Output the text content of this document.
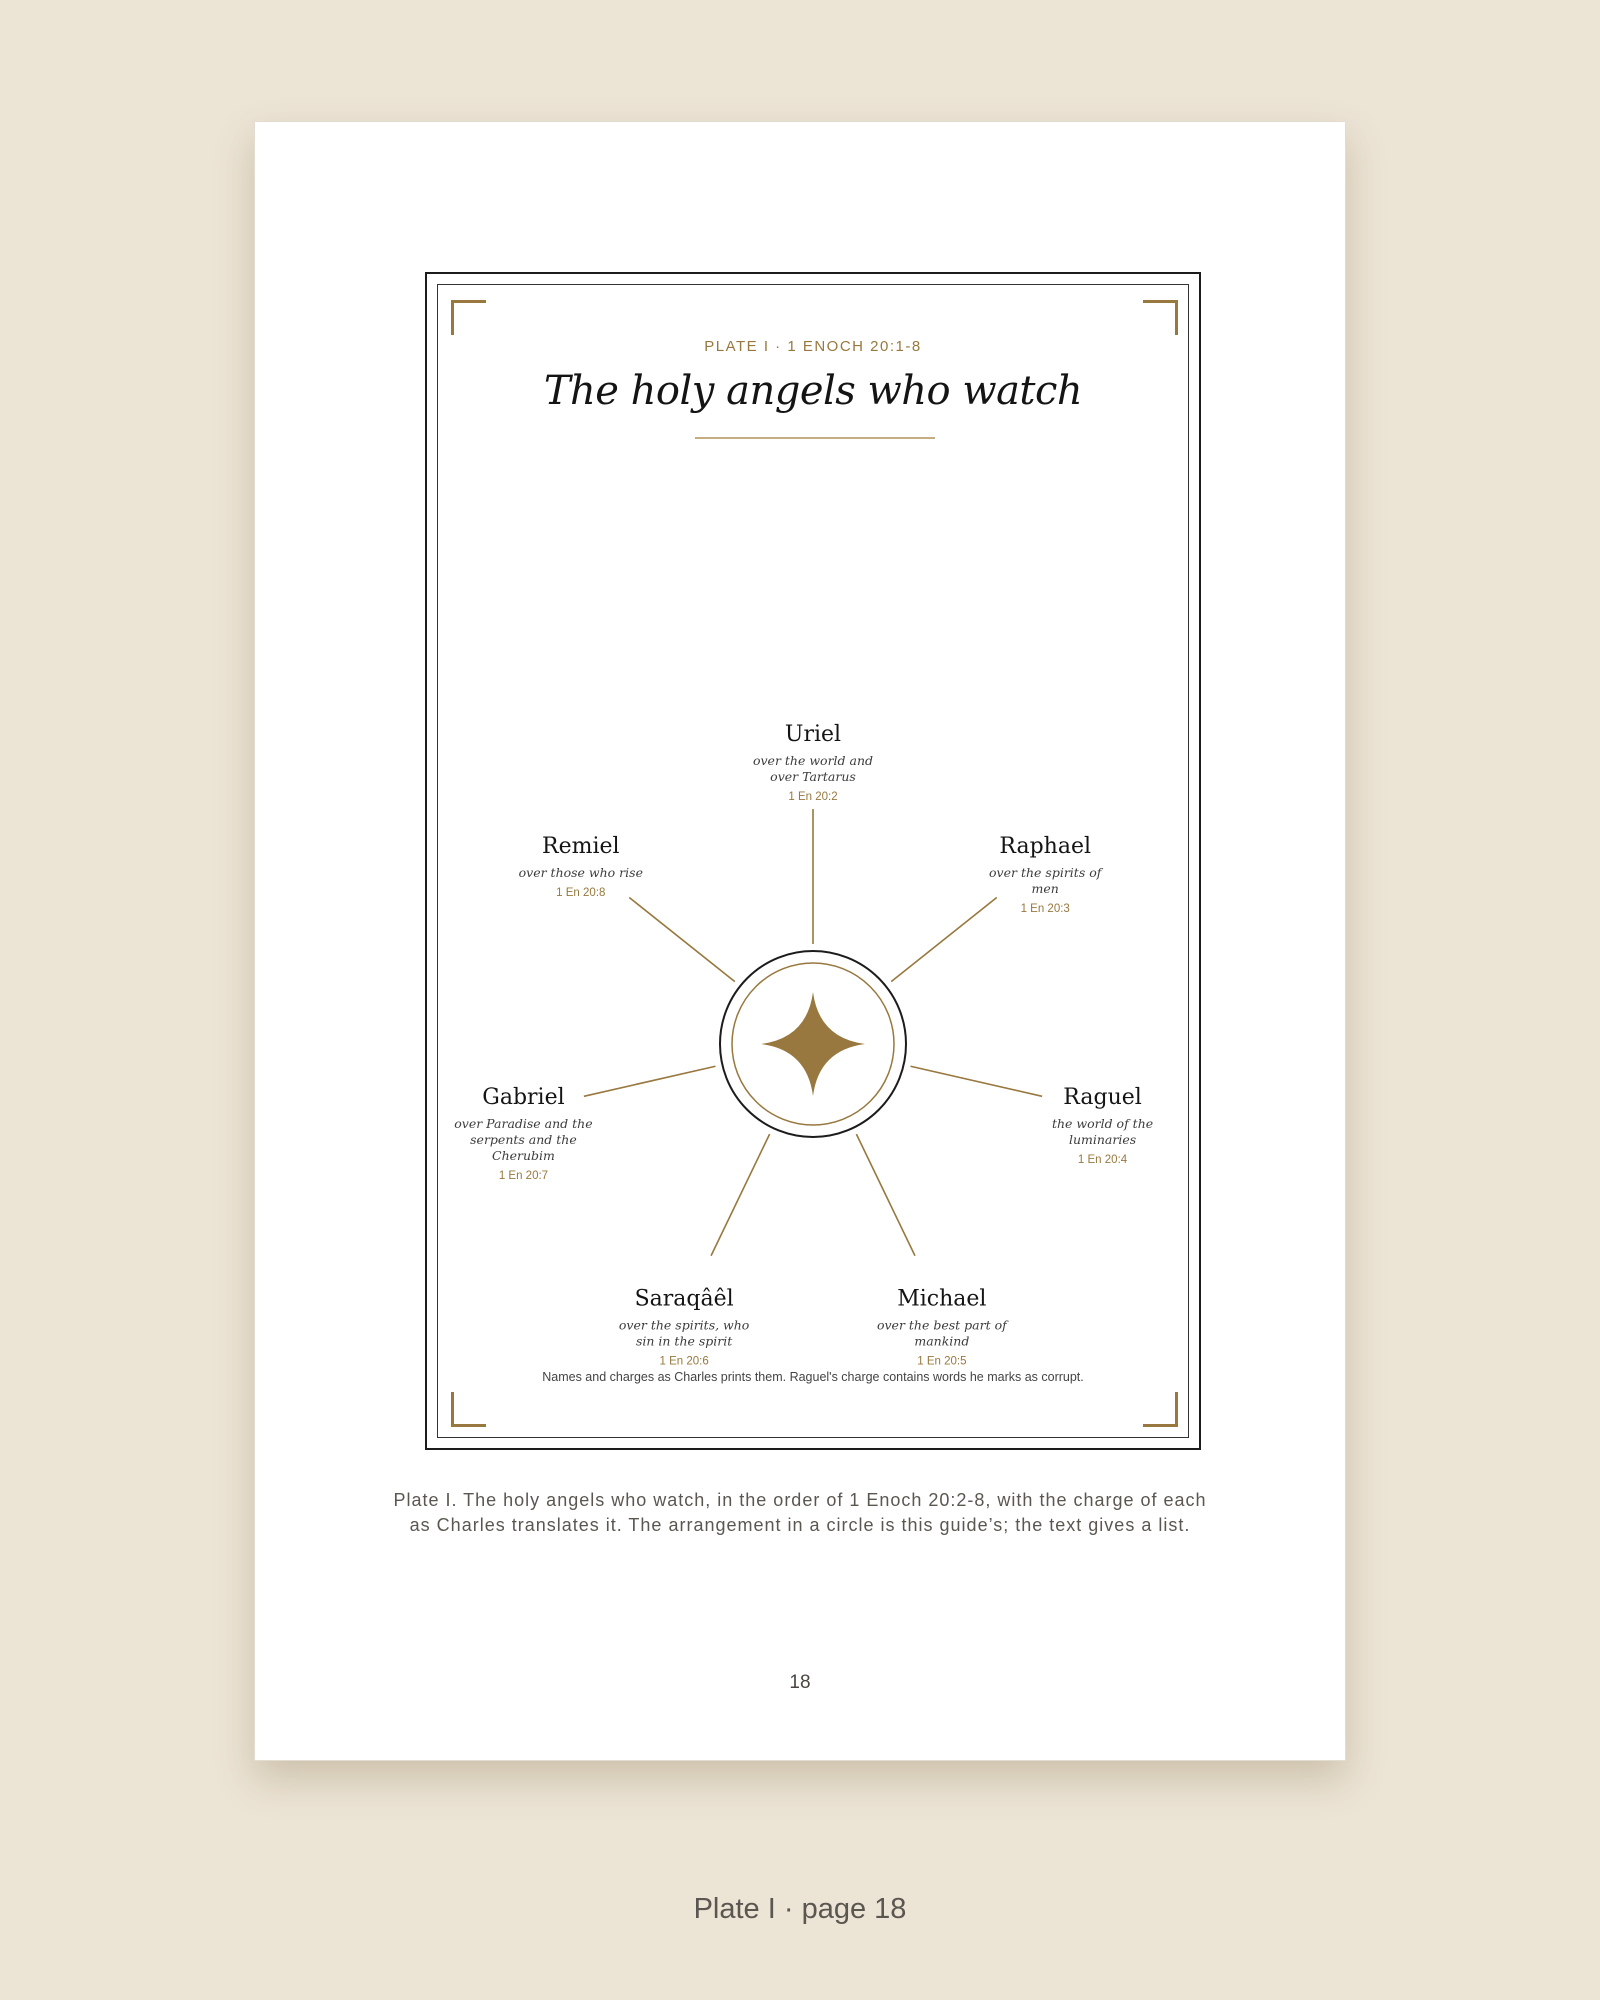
PLATE I · 1 ENOCH 20:1-8
The holy angels who watch
Uriel
over the world and
over Tartarus
1 En 20:2
Raphael
over the spirits of
men
1 En 20:3
Raguel
the world of the
luminaries
1 En 20:4
Michael
over the best part of
mankind
1 En 20:5
Saraqâêl
over the spirits, who
sin in the spirit
1 En 20:6
Gabriel
over Paradise and the
serpents and the
Cherubim
1 En 20:7
Remiel
over those who rise
1 En 20:8
Names and charges as Charles prints them. Raguel's charge contains words he marks as corrupt.
Plate I. The holy angels who watch, in the order of 1 Enoch 20:2-8, with the charge of each as Charles translates it. The arrangement in a circle is this guide’s; the text gives a list.
18
Plate I · page 18
